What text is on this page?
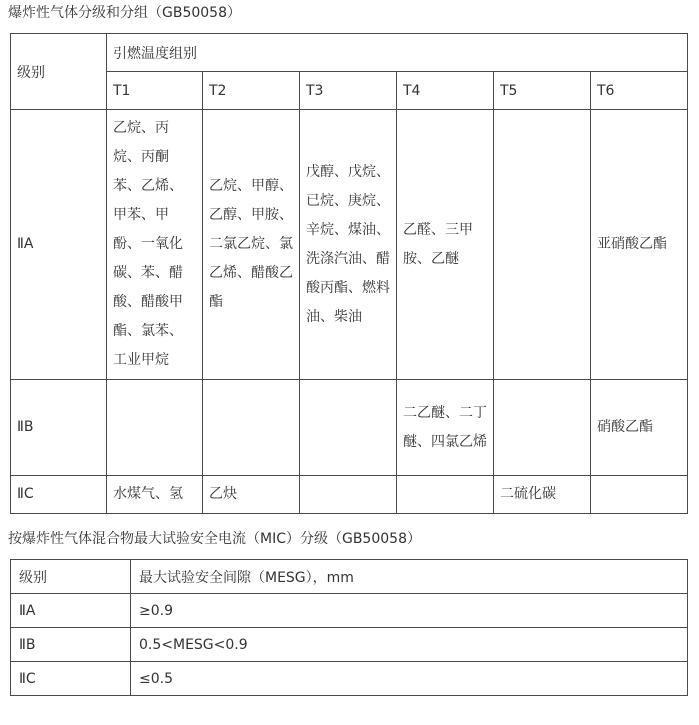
爆炸性气体分级和分组（GB50058）
级别	引燃温度组别					
	T1	T2	T3	T4	T5	T6
ⅡA	乙烷、丙烷、丙酮苯、乙烯、甲苯、甲酚、一氧化碳、苯、醋酸、醋酸甲酯、氯苯、工业甲烷	乙烷、甲醇、乙醇、甲胺、二氯乙烷、氯乙烯、醋酸乙酯	戊醇、戊烷、已烷、庚烷、辛烷、煤油、洗涤汽油、醋酸丙酯、燃料油、柴油	乙醛、三甲胺、乙醚		亚硝酸乙酯
ⅡB				二乙醚、二丁醚、四氯乙烯		硝酸乙酯
ⅡC	水煤气、氢	乙炔			二硫化碳	
按爆炸性气体混合物最大试验安全电流（MIC）分级（GB50058）
级别	最大试验安全间隙（MESG），mm
ⅡA	≥0.9
ⅡB	0.5<MESG<0.9
ⅡC	≤0.5
